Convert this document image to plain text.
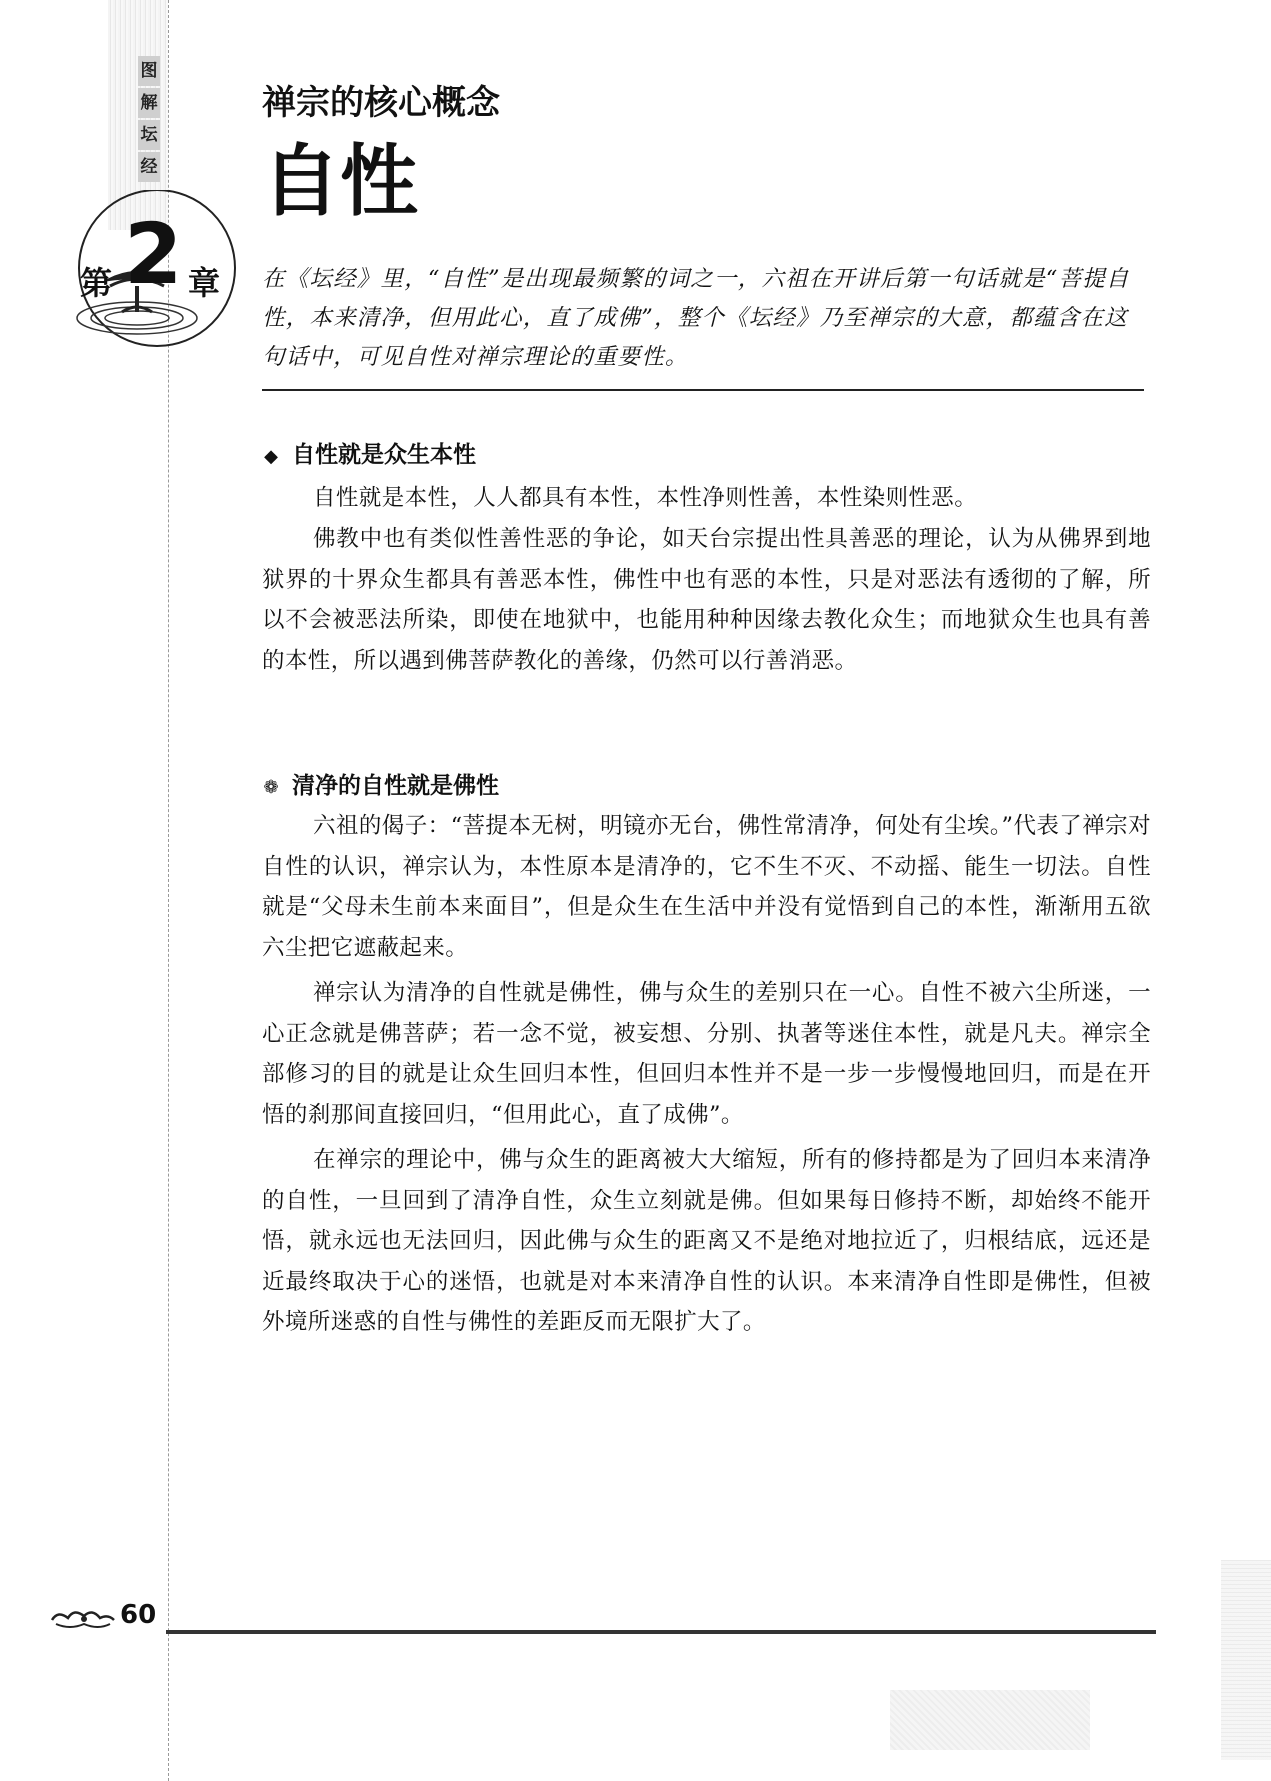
图
解
坛
经
第 2 章
禅宗的核心概念
自性
在《坛经》里，“自性”是出现最频繁的词之一，六祖在开讲后第一句话就是“菩提自性，本来清净，但用此心，直了成佛”，整个《坛经》乃至禅宗的大意，都蕴含在这句话中，可见自性对禅宗理论的重要性。
◆ 自性就是众生本性
自性就是本性，人人都具有本性，本性净则性善，本性染则性恶。
佛教中也有类似性善性恶的争论，如天台宗提出性具善恶的理论，认为从佛界到地狱界的十界众生都具有善恶本性，佛性中也有恶的本性，只是对恶法有透彻的了解，所以不会被恶法所染，即使在地狱中，也能用种种因缘去教化众生；而地狱众生也具有善的本性，所以遇到佛菩萨教化的善缘，仍然可以行善消恶。
❁ 清净的自性就是佛性
六祖的偈子：“菩提本无树，明镜亦无台，佛性常清净，何处有尘埃。”代表了禅宗对自性的认识，禅宗认为，本性原本是清净的，它不生不灭、不动摇、能生一切法。自性就是“父母未生前本来面目”，但是众生在生活中并没有觉悟到自己的本性，渐渐用五欲六尘把它遮蔽起来。
禅宗认为清净的自性就是佛性，佛与众生的差别只在一心。自性不被六尘所迷，一心正念就是佛菩萨；若一念不觉，被妄想、分别、执著等迷住本性，就是凡夫。禅宗全部修习的目的就是让众生回归本性，但回归本性并不是一步一步慢慢地回归，而是在开悟的刹那间直接回归，“但用此心，直了成佛”。
在禅宗的理论中，佛与众生的距离被大大缩短，所有的修持都是为了回归本来清净的自性，一旦回到了清净自性，众生立刻就是佛。但如果每日修持不断，却始终不能开悟，就永远也无法回归，因此佛与众生的距离又不是绝对地拉近了，归根结底，远还是近最终取决于心的迷悟，也就是对本来清净自性的认识。本来清净自性即是佛性，但被外境所迷惑的自性与佛性的差距反而无限扩大了。
60
